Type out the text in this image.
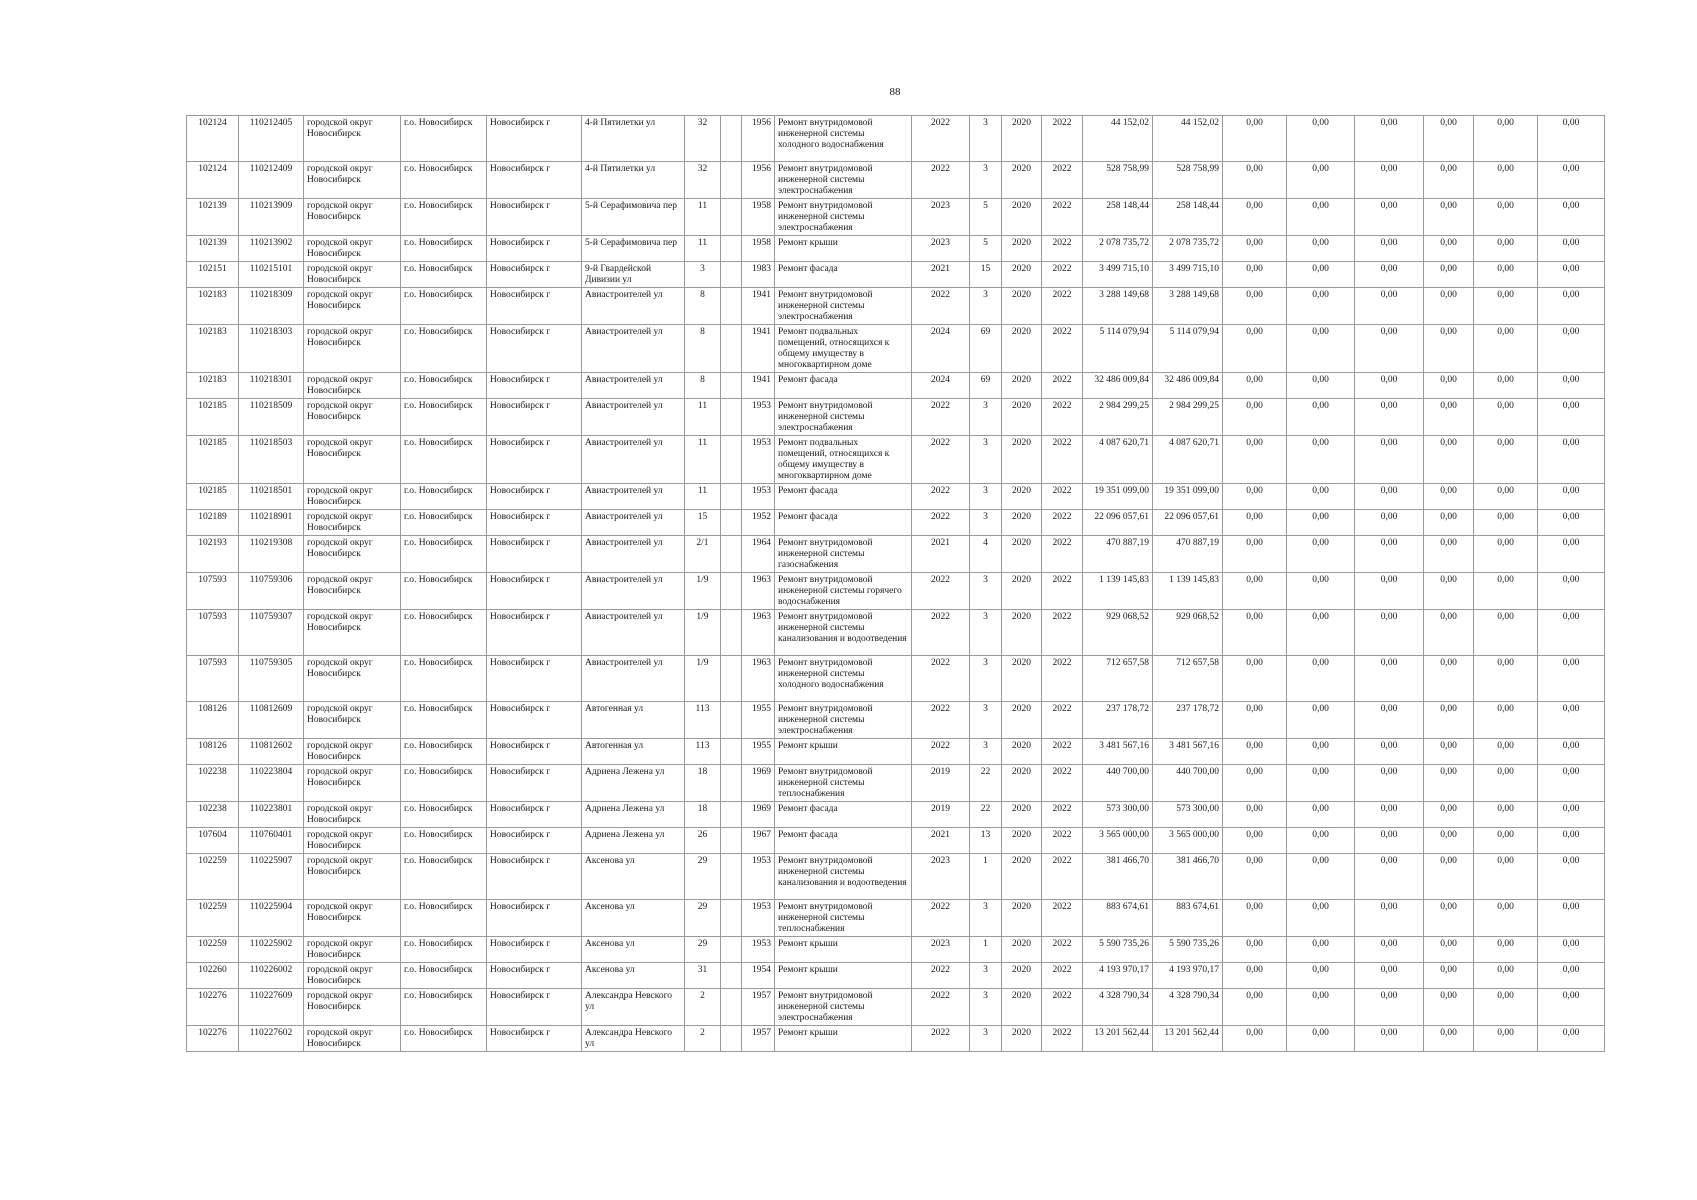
88
102124	110212405	городской округ Новосибирск	г.о. Новосибирск	Новосибирск г	4-й Пятилетки ул	32		1956	Ремонт внутридомовой инженерной системы холодного водоснабжения	2022	3	2020	2022	44 152,02	44 152,02	0,00	0,00	0,00	0,00	0,00	0,00
102124	110212409	городской округ Новосибирск	г.о. Новосибирск	Новосибирск г	4-й Пятилетки ул	32		1956	Ремонт внутридомовой инженерной системы электроснабжения	2022	3	2020	2022	528 758,99	528 758,99	0,00	0,00	0,00	0,00	0,00	0,00
102139	110213909	городской округ Новосибирск	г.о. Новосибирск	Новосибирск г	5-й Серафимовича пер	11		1958	Ремонт внутридомовой инженерной системы электроснабжения	2023	5	2020	2022	258 148,44	258 148,44	0,00	0,00	0,00	0,00	0,00	0,00
102139	110213902	городской округ Новосибирск	г.о. Новосибирск	Новосибирск г	5-й Серафимовича пер	11		1958	Ремонт крыши	2023	5	2020	2022	2 078 735,72	2 078 735,72	0,00	0,00	0,00	0,00	0,00	0,00
102151	110215101	городской округ Новосибирск	г.о. Новосибирск	Новосибирск г	9-й Гвардейской Дивизии ул	3		1983	Ремонт фасада	2021	15	2020	2022	3 499 715,10	3 499 715,10	0,00	0,00	0,00	0,00	0,00	0,00
102183	110218309	городской округ Новосибирск	г.о. Новосибирск	Новосибирск г	Авиастроителей ул	8		1941	Ремонт внутридомовой инженерной системы электроснабжения	2022	3	2020	2022	3 288 149,68	3 288 149,68	0,00	0,00	0,00	0,00	0,00	0,00
102183	110218303	городской округ Новосибирск	г.о. Новосибирск	Новосибирск г	Авиастроителей ул	8		1941	Ремонт подвальных помещений, относящихся к общему имуществу в многоквартирном доме	2024	69	2020	2022	5 114 079,94	5 114 079,94	0,00	0,00	0,00	0,00	0,00	0,00
102183	110218301	городской округ Новосибирск	г.о. Новосибирск	Новосибирск г	Авиастроителей ул	8		1941	Ремонт фасада	2024	69	2020	2022	32 486 009,84	32 486 009,84	0,00	0,00	0,00	0,00	0,00	0,00
102185	110218509	городской округ Новосибирск	г.о. Новосибирск	Новосибирск г	Авиастроителей ул	11		1953	Ремонт внутридомовой инженерной системы электроснабжения	2022	3	2020	2022	2 984 299,25	2 984 299,25	0,00	0,00	0,00	0,00	0,00	0,00
102185	110218503	городской округ Новосибирск	г.о. Новосибирск	Новосибирск г	Авиастроителей ул	11		1953	Ремонт подвальных помещений, относящихся к общему имуществу в многоквартирном доме	2022	3	2020	2022	4 087 620,71	4 087 620,71	0,00	0,00	0,00	0,00	0,00	0,00
102185	110218501	городской округ Новосибирск	г.о. Новосибирск	Новосибирск г	Авиастроителей ул	11		1953	Ремонт фасада	2022	3	2020	2022	19 351 099,00	19 351 099,00	0,00	0,00	0,00	0,00	0,00	0,00
102189	110218901	городской округ Новосибирск	г.о. Новосибирск	Новосибирск г	Авиастроителей ул	15		1952	Ремонт фасада	2022	3	2020	2022	22 096 057,61	22 096 057,61	0,00	0,00	0,00	0,00	0,00	0,00
102193	110219308	городской округ Новосибирск	г.о. Новосибирск	Новосибирск г	Авиастроителей ул	2/1		1964	Ремонт внутридомовой инженерной системы газоснабжения	2021	4	2020	2022	470 887,19	470 887,19	0,00	0,00	0,00	0,00	0,00	0,00
107593	110759306	городской округ Новосибирск	г.о. Новосибирск	Новосибирск г	Авиастроителей ул	1/9		1963	Ремонт внутридомовой инженерной системы горячего водоснабжения	2022	3	2020	2022	1 139 145,83	1 139 145,83	0,00	0,00	0,00	0,00	0,00	0,00
107593	110759307	городской округ Новосибирск	г.о. Новосибирск	Новосибирск г	Авиастроителей ул	1/9		1963	Ремонт внутридомовой инженерной системы канализования и водоотведения	2022	3	2020	2022	929 068,52	929 068,52	0,00	0,00	0,00	0,00	0,00	0,00
107593	110759305	городской округ Новосибирск	г.о. Новосибирск	Новосибирск г	Авиастроителей ул	1/9		1963	Ремонт внутридомовой инженерной системы холодного водоснабжения	2022	3	2020	2022	712 657,58	712 657,58	0,00	0,00	0,00	0,00	0,00	0,00
108126	110812609	городской округ Новосибирск	г.о. Новосибирск	Новосибирск г	Автогенная ул	113		1955	Ремонт внутридомовой инженерной системы электроснабжения	2022	3	2020	2022	237 178,72	237 178,72	0,00	0,00	0,00	0,00	0,00	0,00
108126	110812602	городской округ Новосибирск	г.о. Новосибирск	Новосибирск г	Автогенная ул	113		1955	Ремонт крыши	2022	3	2020	2022	3 481 567,16	3 481 567,16	0,00	0,00	0,00	0,00	0,00	0,00
102238	110223804	городской округ Новосибирск	г.о. Новосибирск	Новосибирск г	Адриена Лежена ул	18		1969	Ремонт внутридомовой инженерной системы теплоснабжения	2019	22	2020	2022	440 700,00	440 700,00	0,00	0,00	0,00	0,00	0,00	0,00
102238	110223801	городской округ Новосибирск	г.о. Новосибирск	Новосибирск г	Адриена Лежена ул	18		1969	Ремонт фасада	2019	22	2020	2022	573 300,00	573 300,00	0,00	0,00	0,00	0,00	0,00	0,00
107604	110760401	городской округ Новосибирск	г.о. Новосибирск	Новосибирск г	Адриена Лежена ул	26		1967	Ремонт фасада	2021	13	2020	2022	3 565 000,00	3 565 000,00	0,00	0,00	0,00	0,00	0,00	0,00
102259	110225907	городской округ Новосибирск	г.о. Новосибирск	Новосибирск г	Аксенова ул	29		1953	Ремонт внутридомовой инженерной системы канализования и водоотведения	2023	1	2020	2022	381 466,70	381 466,70	0,00	0,00	0,00	0,00	0,00	0,00
102259	110225904	городской округ Новосибирск	г.о. Новосибирск	Новосибирск г	Аксенова ул	29		1953	Ремонт внутридомовой инженерной системы теплоснабжения	2022	3	2020	2022	883 674,61	883 674,61	0,00	0,00	0,00	0,00	0,00	0,00
102259	110225902	городской округ Новосибирск	г.о. Новосибирск	Новосибирск г	Аксенова ул	29		1953	Ремонт крыши	2023	1	2020	2022	5 590 735,26	5 590 735,26	0,00	0,00	0,00	0,00	0,00	0,00
102260	110226002	городской округ Новосибирск	г.о. Новосибирск	Новосибирск г	Аксенова ул	31		1954	Ремонт крыши	2022	3	2020	2022	4 193 970,17	4 193 970,17	0,00	0,00	0,00	0,00	0,00	0,00
102276	110227609	городской округ Новосибирск	г.о. Новосибирск	Новосибирск г	Александра Невского ул	2		1957	Ремонт внутридомовой инженерной системы электроснабжения	2022	3	2020	2022	4 328 790,34	4 328 790,34	0,00	0,00	0,00	0,00	0,00	0,00
102276	110227602	городской округ Новосибирск	г.о. Новосибирск	Новосибирск г	Александра Невского ул	2		1957	Ремонт крыши	2022	3	2020	2022	13 201 562,44	13 201 562,44	0,00	0,00	0,00	0,00	0,00	0,00
